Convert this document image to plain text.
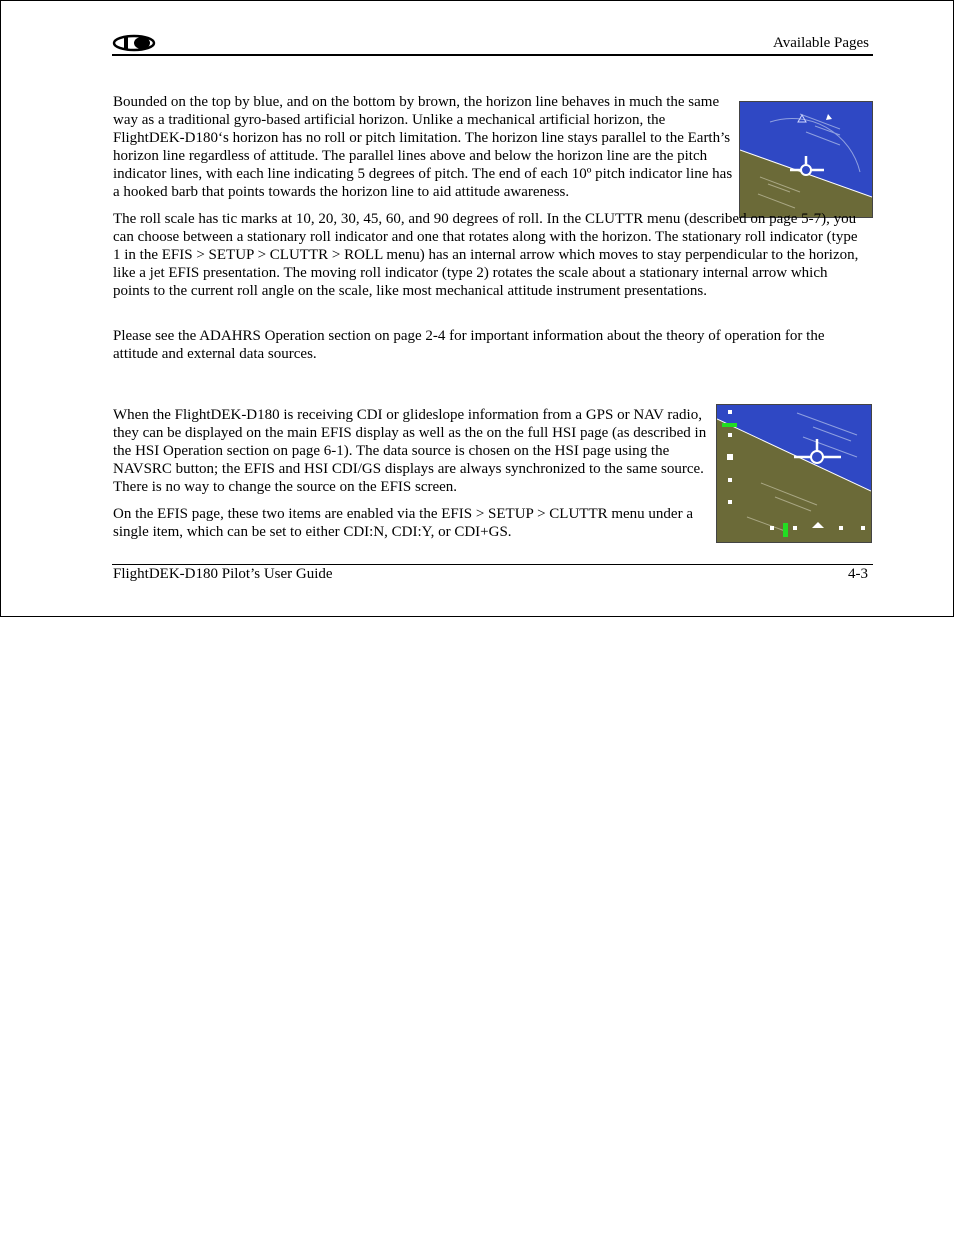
Available Pages

Bounded on the top by blue, and on the bottom by brown, the horizon line behaves in much the same way as a traditional gyro-based artificial horizon. Unlike a mechanical artificial horizon, the FlightDEK-D180‘s horizon has no roll or pitch limitation. The horizon line stays parallel to the Earth’s horizon line regardless of attitude. The parallel lines above and below the horizon line are the pitch indicator lines, with each line indicating 5 degrees of pitch. The end of each 10º pitch indicator line has a hooked barb that points towards the horizon line to aid attitude awareness.

The roll scale has tic marks at 10, 20, 30, 45, 60, and 90 degrees of roll. In the CLUTTR menu (described on page 5-7), you can choose between a stationary roll indicator and one that rotates along with the horizon. The stationary roll indicator (type 1 in the EFIS > SETUP > CLUTTR > ROLL menu) has an internal arrow which moves to stay perpendicular to the horizon, like a jet EFIS presentation. The moving roll indicator (type 2) rotates the scale about a stationary internal arrow which points to the current roll angle on the scale, like most mechanical attitude instrument presentations.

Please see the ADAHRS Operation section on page 2-4 for important information about the theory of operation for the attitude and external data sources.

When the FlightDEK-D180 is receiving CDI or glideslope information from a GPS or NAV radio, they can be displayed on the main EFIS display as well as the on the full HSI page (as described in the HSI Operation section on page 6-1). The data source is chosen on the HSI page using the NAVSRC button; the EFIS and HSI CDI/GS displays are always synchronized to the same source. There is no way to change the source on the EFIS screen.

On the EFIS page, these two items are enabled via the EFIS > SETUP > CLUTTR menu under a single item, which can be set to either CDI:N, CDI:Y, or CDI+GS.

FlightDEK-D180 Pilot’s User Guide	4-3
